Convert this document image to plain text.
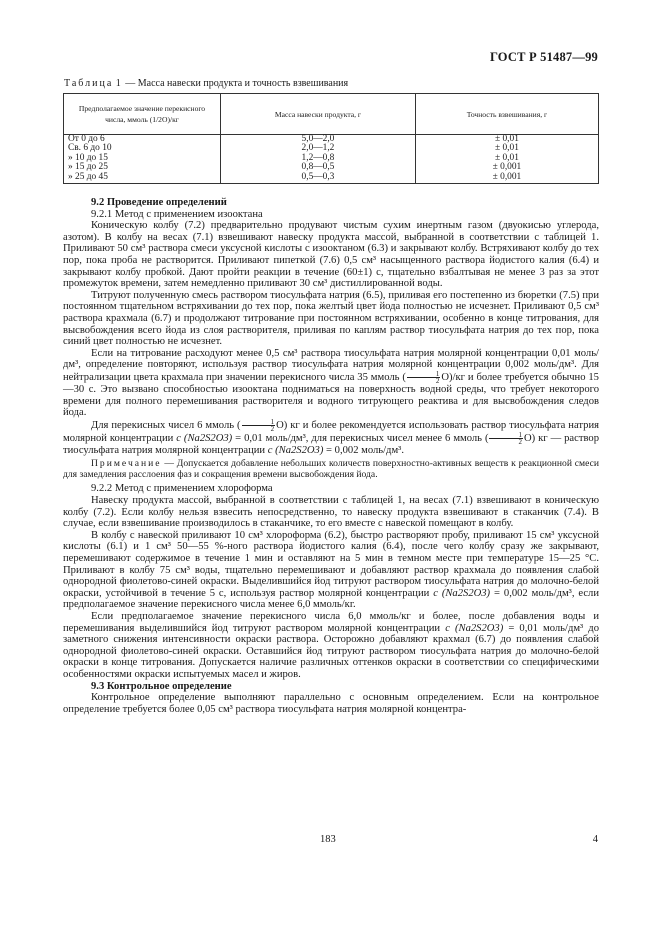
ГОСТ Р 51487—99
Таблица 1 — Масса навески продукта и точность взвешивания
Предполагаемое значение перекисного числа, ммоль (1/2O)/кг	Масса навески продукта, г	Точность взвешивания, г
От 0 до 6	5,0—2,0	± 0,01
Св. 6 до 10	2,0—1,2	± 0,01
» 10 до 15	1,2—0,8	± 0,01
» 15 до 25	0,8—0,5	± 0,001
» 25 до 45	0,5—0,3	± 0,001

9.2 Проведение определений

9.2.1 Метод с применением изооктана

Коническую колбу (7.2) предварительно продувают чистым сухим инертным газом (двуокисью углерода, азотом). В колбу на весах (7.1) взвешивают навеску продукта массой, выбранной в соответствии с таблицей 1. Приливают 50 см³ раствора смеси уксусной кислоты с изооктаном (6.3) и закрывают колбу. Встряхивают колбу до тех пор, пока проба не растворится. Приливают пипеткой (7.6) 0,5 см³ насыщенного раствора йодистого калия (6.4) и закрывают колбу пробкой. Дают пройти реакции в течение (60±1) с, тщательно взбалтывая не менее 3 раз за этот промежуток времени, затем немедленно приливают 30 см³ дистиллированной воды.

Титруют полученную смесь раствором тиосульфата натрия (6.5), приливая его постепенно из бюретки (7.5) при постоянном тщательном встряхивании до тех пор, пока желтый цвет йода полностью не исчезнет. Приливают 0,5 см³ раствора крахмала (6.7) и продолжают титрование при постоянном встряхивании, особенно в конце титрования, для высвобождения всего йода из слоя растворителя, приливая по каплям раствор тиосульфата натрия до тех пор, пока синий цвет полностью не исчезнет.

Если на титрование расходуют менее 0,5 см³ раствора тиосульфата натрия молярной концентрации 0,01 моль/дм³, определение повторяют, используя раствор тиосульфата натрия молярной концентрации 0,002 моль/дм³. Для нейтрализации цвета крахмала при значении перекисного числа 35 ммоль ( $\frac{1}{2} O)/кг$ и более требуется обычно 15—30 с. Это вызвано способностью изооктана подниматься на поверхность водной среды, что требует некоторого времени для полного перемешивания растворителя и водного титрующего реактива и для высвобождения следов йода.

Для перекисных чисел 6 ммоль ( $\frac{1}{2} O$) кг и более рекомендуется использовать раствор тиосульфата натрия молярной концентрации c (Na2S2O3) = 0,01 моль/дм³, для перекисных чисел менее 6 ммоль ( $\frac{1}{2} O$) кг — раствор тиосульфата натрия молярной концентрации c (Na2S2O3) = 0,002 моль/дм³.

Примечание — Допускается добавление небольших количеств поверхностно-активных веществ к реакционной смеси для замедления расслоения фаз и сокращения времени высвобождения йода.

9.2.2 Метод с применением хлороформа

Навеску продукта массой, выбранной в соответствии с таблицей 1, на весах (7.1) взвешивают в коническую колбу (7.2). Если колбу нельзя взвесить непосредственно, то навеску продукта взвешивают в стаканчик (7.4). В случае, если взвешивание производилось в стаканчике, то его вместе с навеской помещают в колбу.

В колбу с навеской приливают 10 см³ хлороформа (6.2), быстро растворяют пробу, приливают 15 см³ уксусной кислоты (6.1) и 1 см³ 50—55 %-ного раствора йодистого калия (6.4), после чего колбу сразу же закрывают, перемешивают содержимое в течение 1 мин и оставляют на 5 мин в темном месте при температуре 15—25 °С. Приливают в колбу 75 см³ воды, тщательно перемешивают и добавляют раствор крахмала до появления слабой однородной фиолетово-синей окраски. Выделившийся йод титруют раствором тиосульфата натрия до молочно-белой окраски, устойчивой в течение 5 с, используя раствор молярной концентрации c (Na2S2O3) = 0,002 моль/дм³, если предполагаемое значение перекисного числа менее 6,0 ммоль/кг.

Если предполагаемое значение перекисного числа 6,0 ммоль/кг и более, после добавления воды и перемешивания выделившийся йод титруют раствором молярной концентрации c (Na2S2O3) = 0,01 моль/дм³ до заметного снижения интенсивности окраски раствора. Осторожно добавляют крахмал (6.7) до появления слабой однородной фиолетово-синей окраски. Оставшийся йод титруют раствором тиосульфата натрия до молочно-белой окраски в конце титрования. Допускается наличие различных оттенков окраски в соответствии со специфическими особенностями окраски испытуемых масел и жиров.

9.3 Контрольное определение

Контрольное определение выполняют параллельно с основным определением. Если на контрольное определение требуется более 0,05 см³ раствора тиосульфата натрия молярной концентра-

183	4
